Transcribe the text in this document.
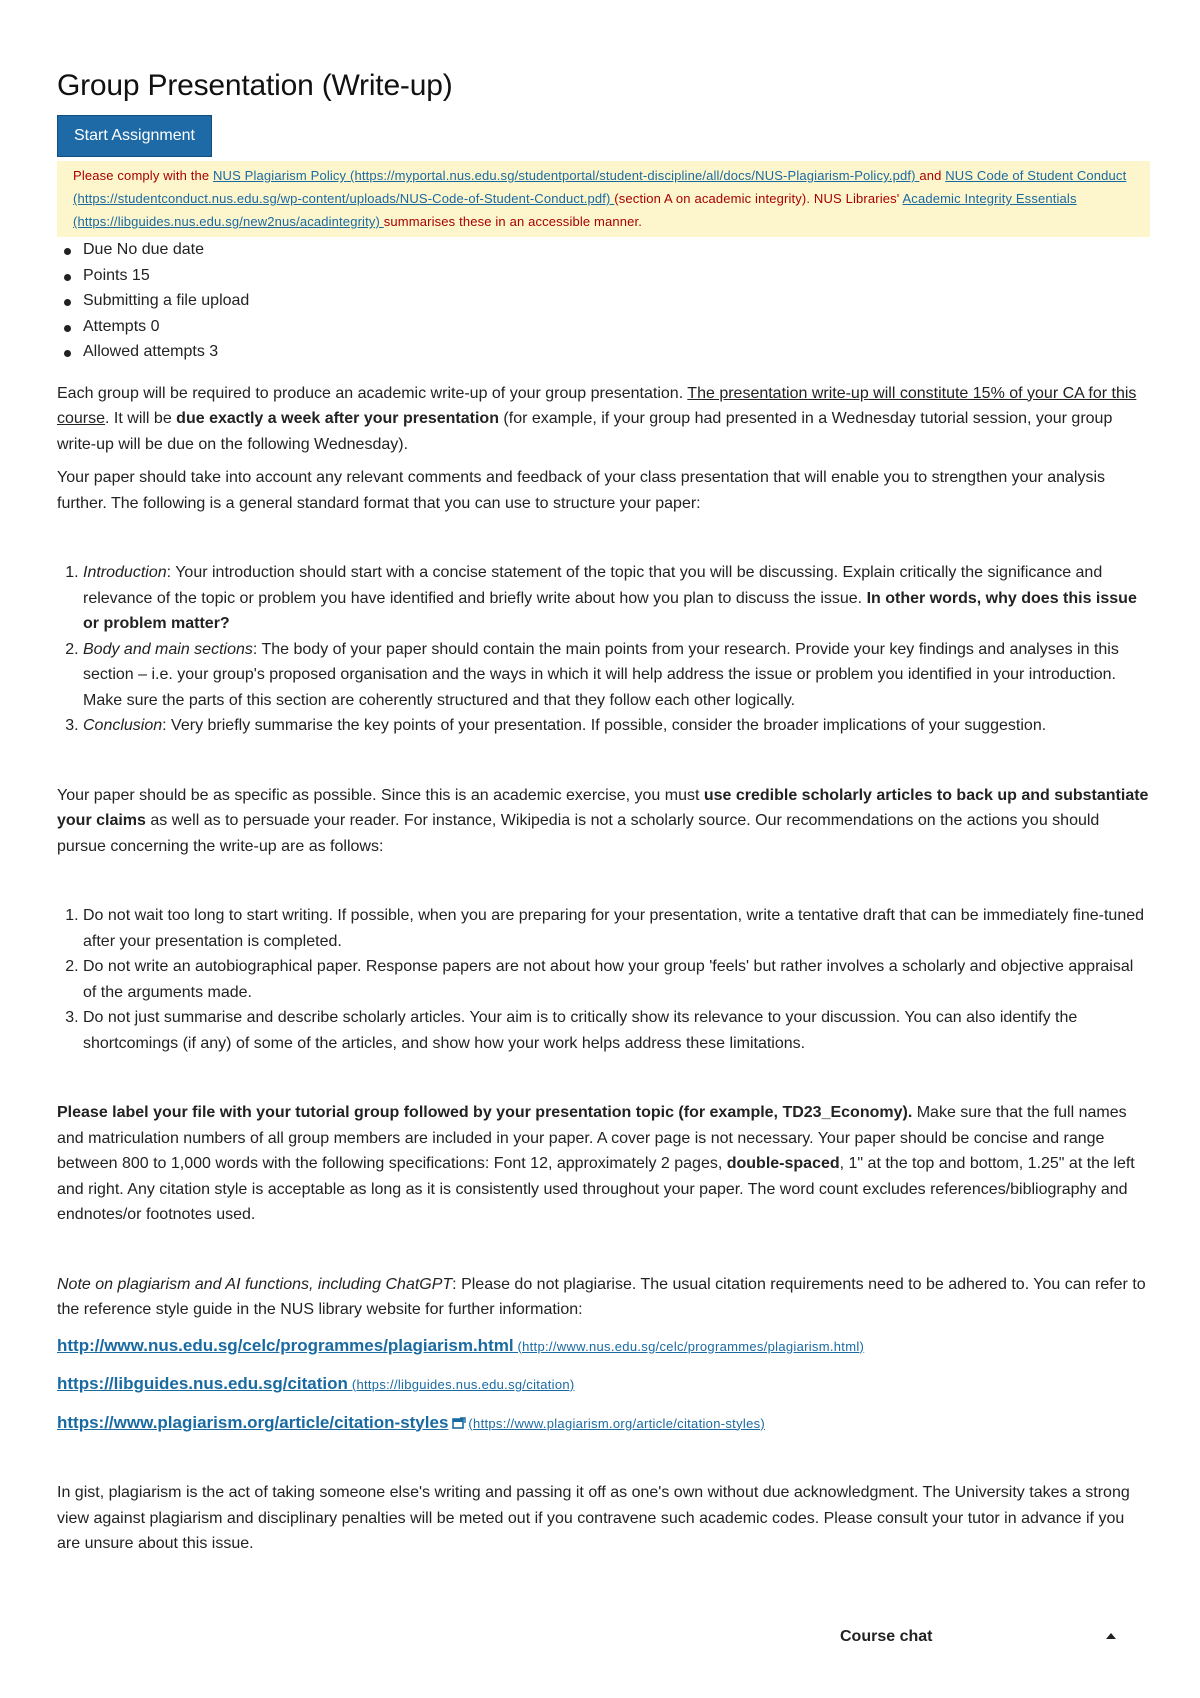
Group Presentation (Write-up)
Start Assignment
Please comply with the NUS Plagiarism Policy (https://myportal.nus.edu.sg/studentportal/student-discipline/all/docs/NUS-Plagiarism-Policy.pdf) and NUS Code of Student Conduct (https://studentconduct.nus.edu.sg/wp-content/uploads/NUS-Code-of-Student-Conduct.pdf) (section A on academic integrity). NUS Libraries' Academic Integrity Essentials (https://libguides.nus.edu.sg/new2nus/acadintegrity) summarises these in an accessible manner.
Due No due date
Points 15
Submitting a file upload
Attempts 0
Allowed attempts 3

Each group will be required to produce an academic write-up of your group presentation. The presentation write-up will constitute 15% of your CA for this course. It will be due exactly a week after your presentation (for example, if your group had presented in a Wednesday tutorial session, your group write-up will be due on the following Wednesday).

Your paper should take into account any relevant comments and feedback of your class presentation that will enable you to strengthen your analysis further. The following is a general standard format that you can use to structure your paper:

1. Introduction: Your introduction should start with a concise statement of the topic that you will be discussing. Explain critically the significance and relevance of the topic or problem you have identified and briefly write about how you plan to discuss the issue. In other words, why does this issue or problem matter?
2. Body and main sections: The body of your paper should contain the main points from your research. Provide your key findings and analyses in this section – i.e. your group's proposed organisation and the ways in which it will help address the issue or problem you identified in your introduction. Make sure the parts of this section are coherently structured and that they follow each other logically.
3. Conclusion: Very briefly summarise the key points of your presentation. If possible, consider the broader implications of your suggestion.

Your paper should be as specific as possible. Since this is an academic exercise, you must use credible scholarly articles to back up and substantiate your claims as well as to persuade your reader. For instance, Wikipedia is not a scholarly source. Our recommendations on the actions you should pursue concerning the write-up are as follows:

1. Do not wait too long to start writing. If possible, when you are preparing for your presentation, write a tentative draft that can be immediately fine-tuned after your presentation is completed.
2. Do not write an autobiographical paper. Response papers are not about how your group 'feels' but rather involves a scholarly and objective appraisal of the arguments made.
3. Do not just summarise and describe scholarly articles. Your aim is to critically show its relevance to your discussion. You can also identify the shortcomings (if any) of some of the articles, and show how your work helps address these limitations.

Please label your file with your tutorial group followed by your presentation topic (for example, TD23_Economy). Make sure that the full names and matriculation numbers of all group members are included in your paper. A cover page is not necessary. Your paper should be concise and range between 800 to 1,000 words with the following specifications: Font 12, approximately 2 pages, double-spaced, 1" at the top and bottom, 1.25" at the left and right. Any citation style is acceptable as long as it is consistently used throughout your paper. The word count excludes references/bibliography and endnotes/or footnotes used.

Note on plagiarism and AI functions, including ChatGPT: Please do not plagiarise. The usual citation requirements need to be adhered to. You can refer to the reference style guide in the NUS library website for further information:

http://www.nus.edu.sg/celc/programmes/plagiarism.html (http://www.nus.edu.sg/celc/programmes/plagiarism.html)

https://libguides.nus.edu.sg/citation (https://libguides.nus.edu.sg/citation)

https://www.plagiarism.org/article/citation-styles (https://www.plagiarism.org/article/citation-styles)

In gist, plagiarism is the act of taking someone else's writing and passing it off as one's own without due acknowledgment. The University takes a strong view against plagiarism and disciplinary penalties will be meted out if you contravene such academic codes. Please consult your tutor in advance if you are unsure about this issue.

Course chat
